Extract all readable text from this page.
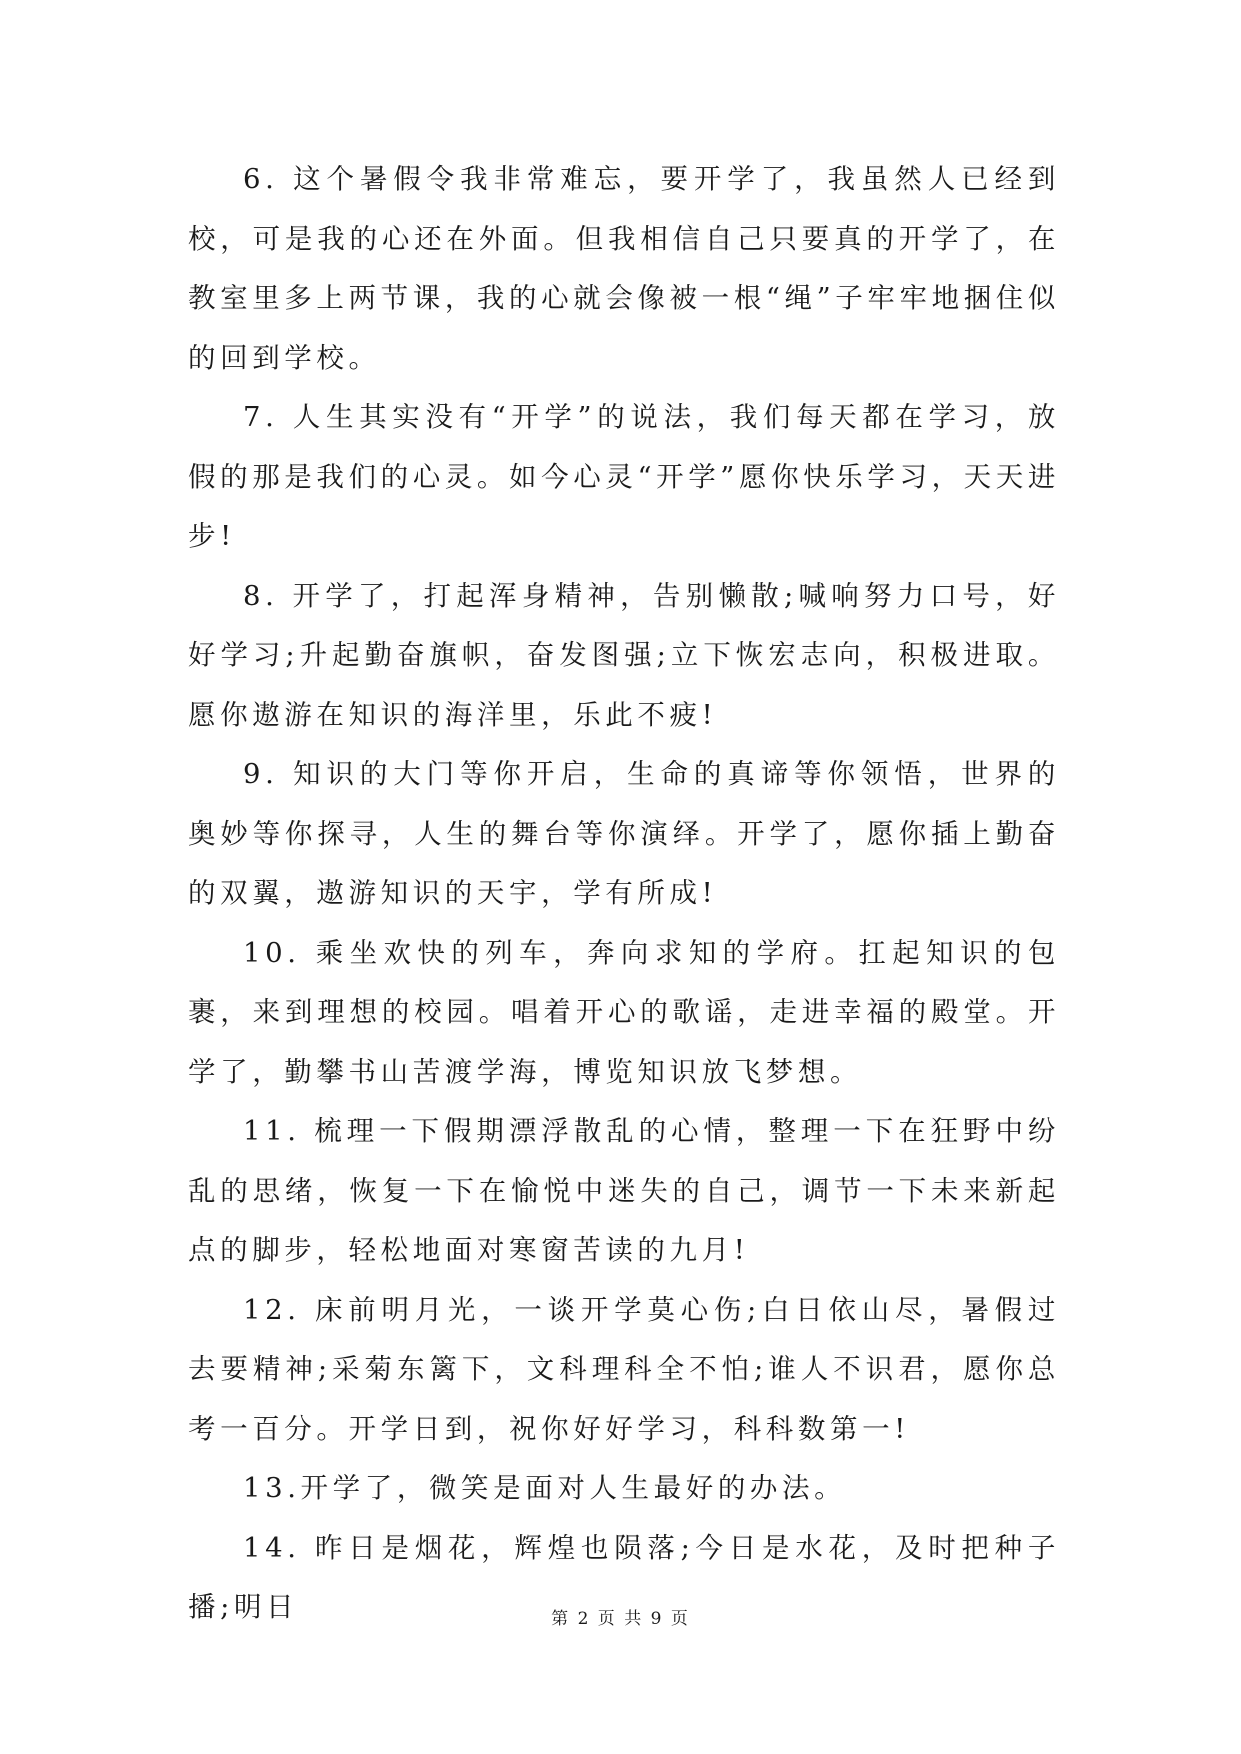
6. 这个暑假令我非常难忘，要开学了，我虽然人已经到校，可是我的心还在外面。但我相信自己只要真的开学了，在教室里多上两节课，我的心就会像被一根“绳”子牢牢地捆住似的回到学校。

7. 人生其实没有“开学”的说法，我们每天都在学习，放假的那是我们的心灵。如今心灵“开学”愿你快乐学习，天天进步!

8. 开学了，打起浑身精神，告别懒散;喊响努力口号，好好学习;升起勤奋旗帜，奋发图强;立下恢宏志向，积极进取。愿你遨游在知识的海洋里，乐此不疲!

9. 知识的大门等你开启，生命的真谛等你领悟，世界的奥妙等你探寻，人生的舞台等你演绎。开学了，愿你插上勤奋的双翼，遨游知识的天宇，学有所成!

10. 乘坐欢快的列车，奔向求知的学府。扛起知识的包裹，来到理想的校园。唱着开心的歌谣，走进幸福的殿堂。开学了，勤攀书山苦渡学海，博览知识放飞梦想。

11. 梳理一下假期漂浮散乱的心情，整理一下在狂野中纷乱的思绪，恢复一下在愉悦中迷失的自己，调节一下未来新起点的脚步，轻松地面对寒窗苦读的九月!

12. 床前明月光，一谈开学莫心伤;白日依山尽，暑假过去要精神;采菊东篱下，文科理科全不怕;谁人不识君，愿你总考一百分。开学日到，祝你好好学习，科科数第一!

13.开学了，微笑是面对人生最好的办法。

14. 昨日是烟花，辉煌也陨落;今日是水花，及时把种子播;明日	第 2 页 共 9 页
